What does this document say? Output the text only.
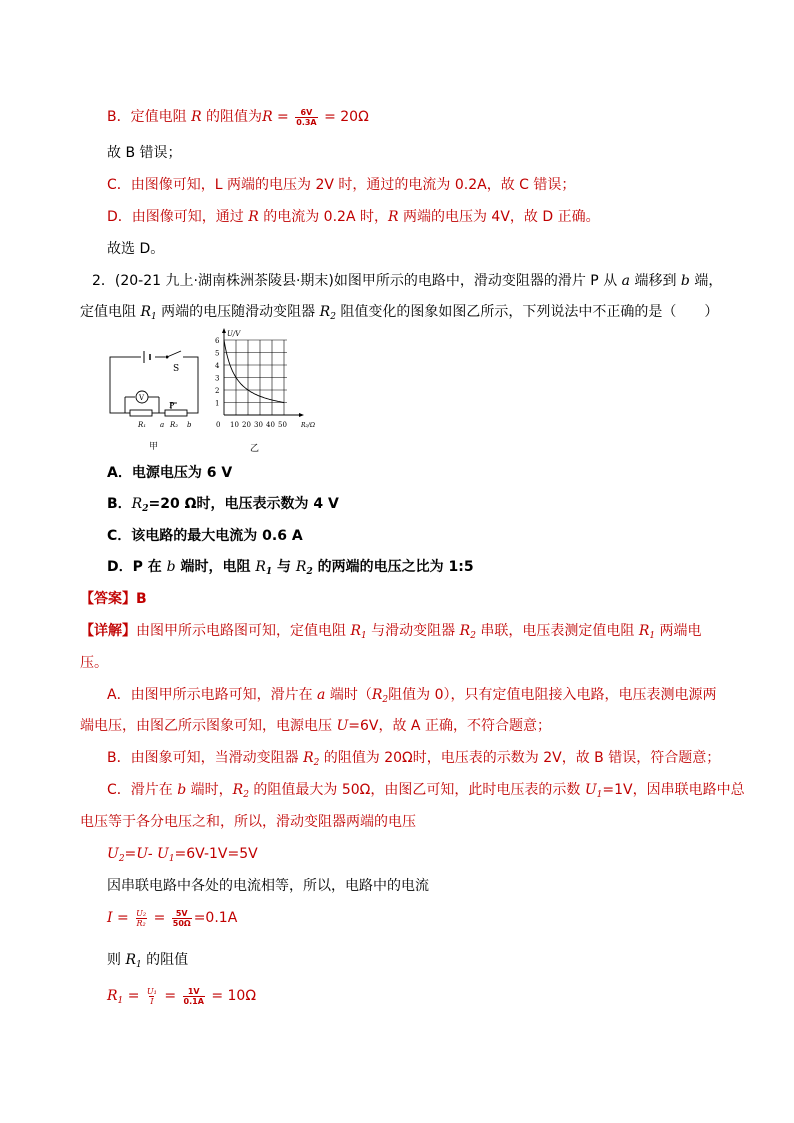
B．定值电阻 R 的阻值为$R = \frac{6V}{0.3A} = 20\Omega$
故 B 错误；
C．由图像可知，L 两端的电压为 2V 时，通过的电流为 0.2A，故 C 错误；
D．由图像可知，通过 R 的电流为 0.2A 时，R 两端的电压为 4V，故 D 正确。
故选 D。
2．(20-21 九上·湖南株洲茶陵县·期末)如图甲所示的电路中，滑动变阻器的滑片 P 从 a 端移到 b 端，
定值电阻 $R_1$ 两端的电压随滑动变阻器 $R_2$ 阻值变化的图象如图乙所示，下列说法中不正确的是（　　）
S
V
P
R₁ a R₂ b
甲
U/V
R₂/Ω
1
2
3
4
5
6
0 10 20 30 40 50
乙
A．电源电压为 6 V
B．$R_2=20$ Ω时，电压表示数为 4 V
C．该电路的最大电流为 0.6 A
D．P 在 b 端时，电阻 $R_1$ 与 $R_2$ 的两端的电压之比为 1:5
【答案】B
【详解】由图甲所示电路图可知，定值电阻 $R_1$ 与滑动变阻器 $R_2$ 串联，电压表测定值电阻 $R_1$ 两端电
压。
A．由图甲所示电路可知，滑片在 a 端时（$R_2$阻值为 0），只有定值电阻接入电路，电压表测电源两
端电压，由图乙所示图象可知，电源电压 U=6V，故 A 正确，不符合题意；
B．由图象可知，当滑动变阻器 $R_2$ 的阻值为 20Ω时，电压表的示数为 2V，故 B 错误，符合题意；
C．滑片在 b 端时，$R_2$ 的阻值最大为 50Ω，由图乙可知，此时电压表的示数 $U_1=1V$，因串联电路中总
电压等于各分电压之和，所以，滑动变阻器两端的电压
$U_2=U-$ $U_1=6V-1V=5V$
因串联电路中各处的电流相等，所以，电路中的电流
$I = \frac{\text{U₂}}{\text{R₂}} = \frac{5V}{50\Omega} =0.1A$
则 $R_1$ 的阻值
$R_1 = \frac{\text{U₁}}{I} = \frac{1V}{0.1A} = 10\Omega$
